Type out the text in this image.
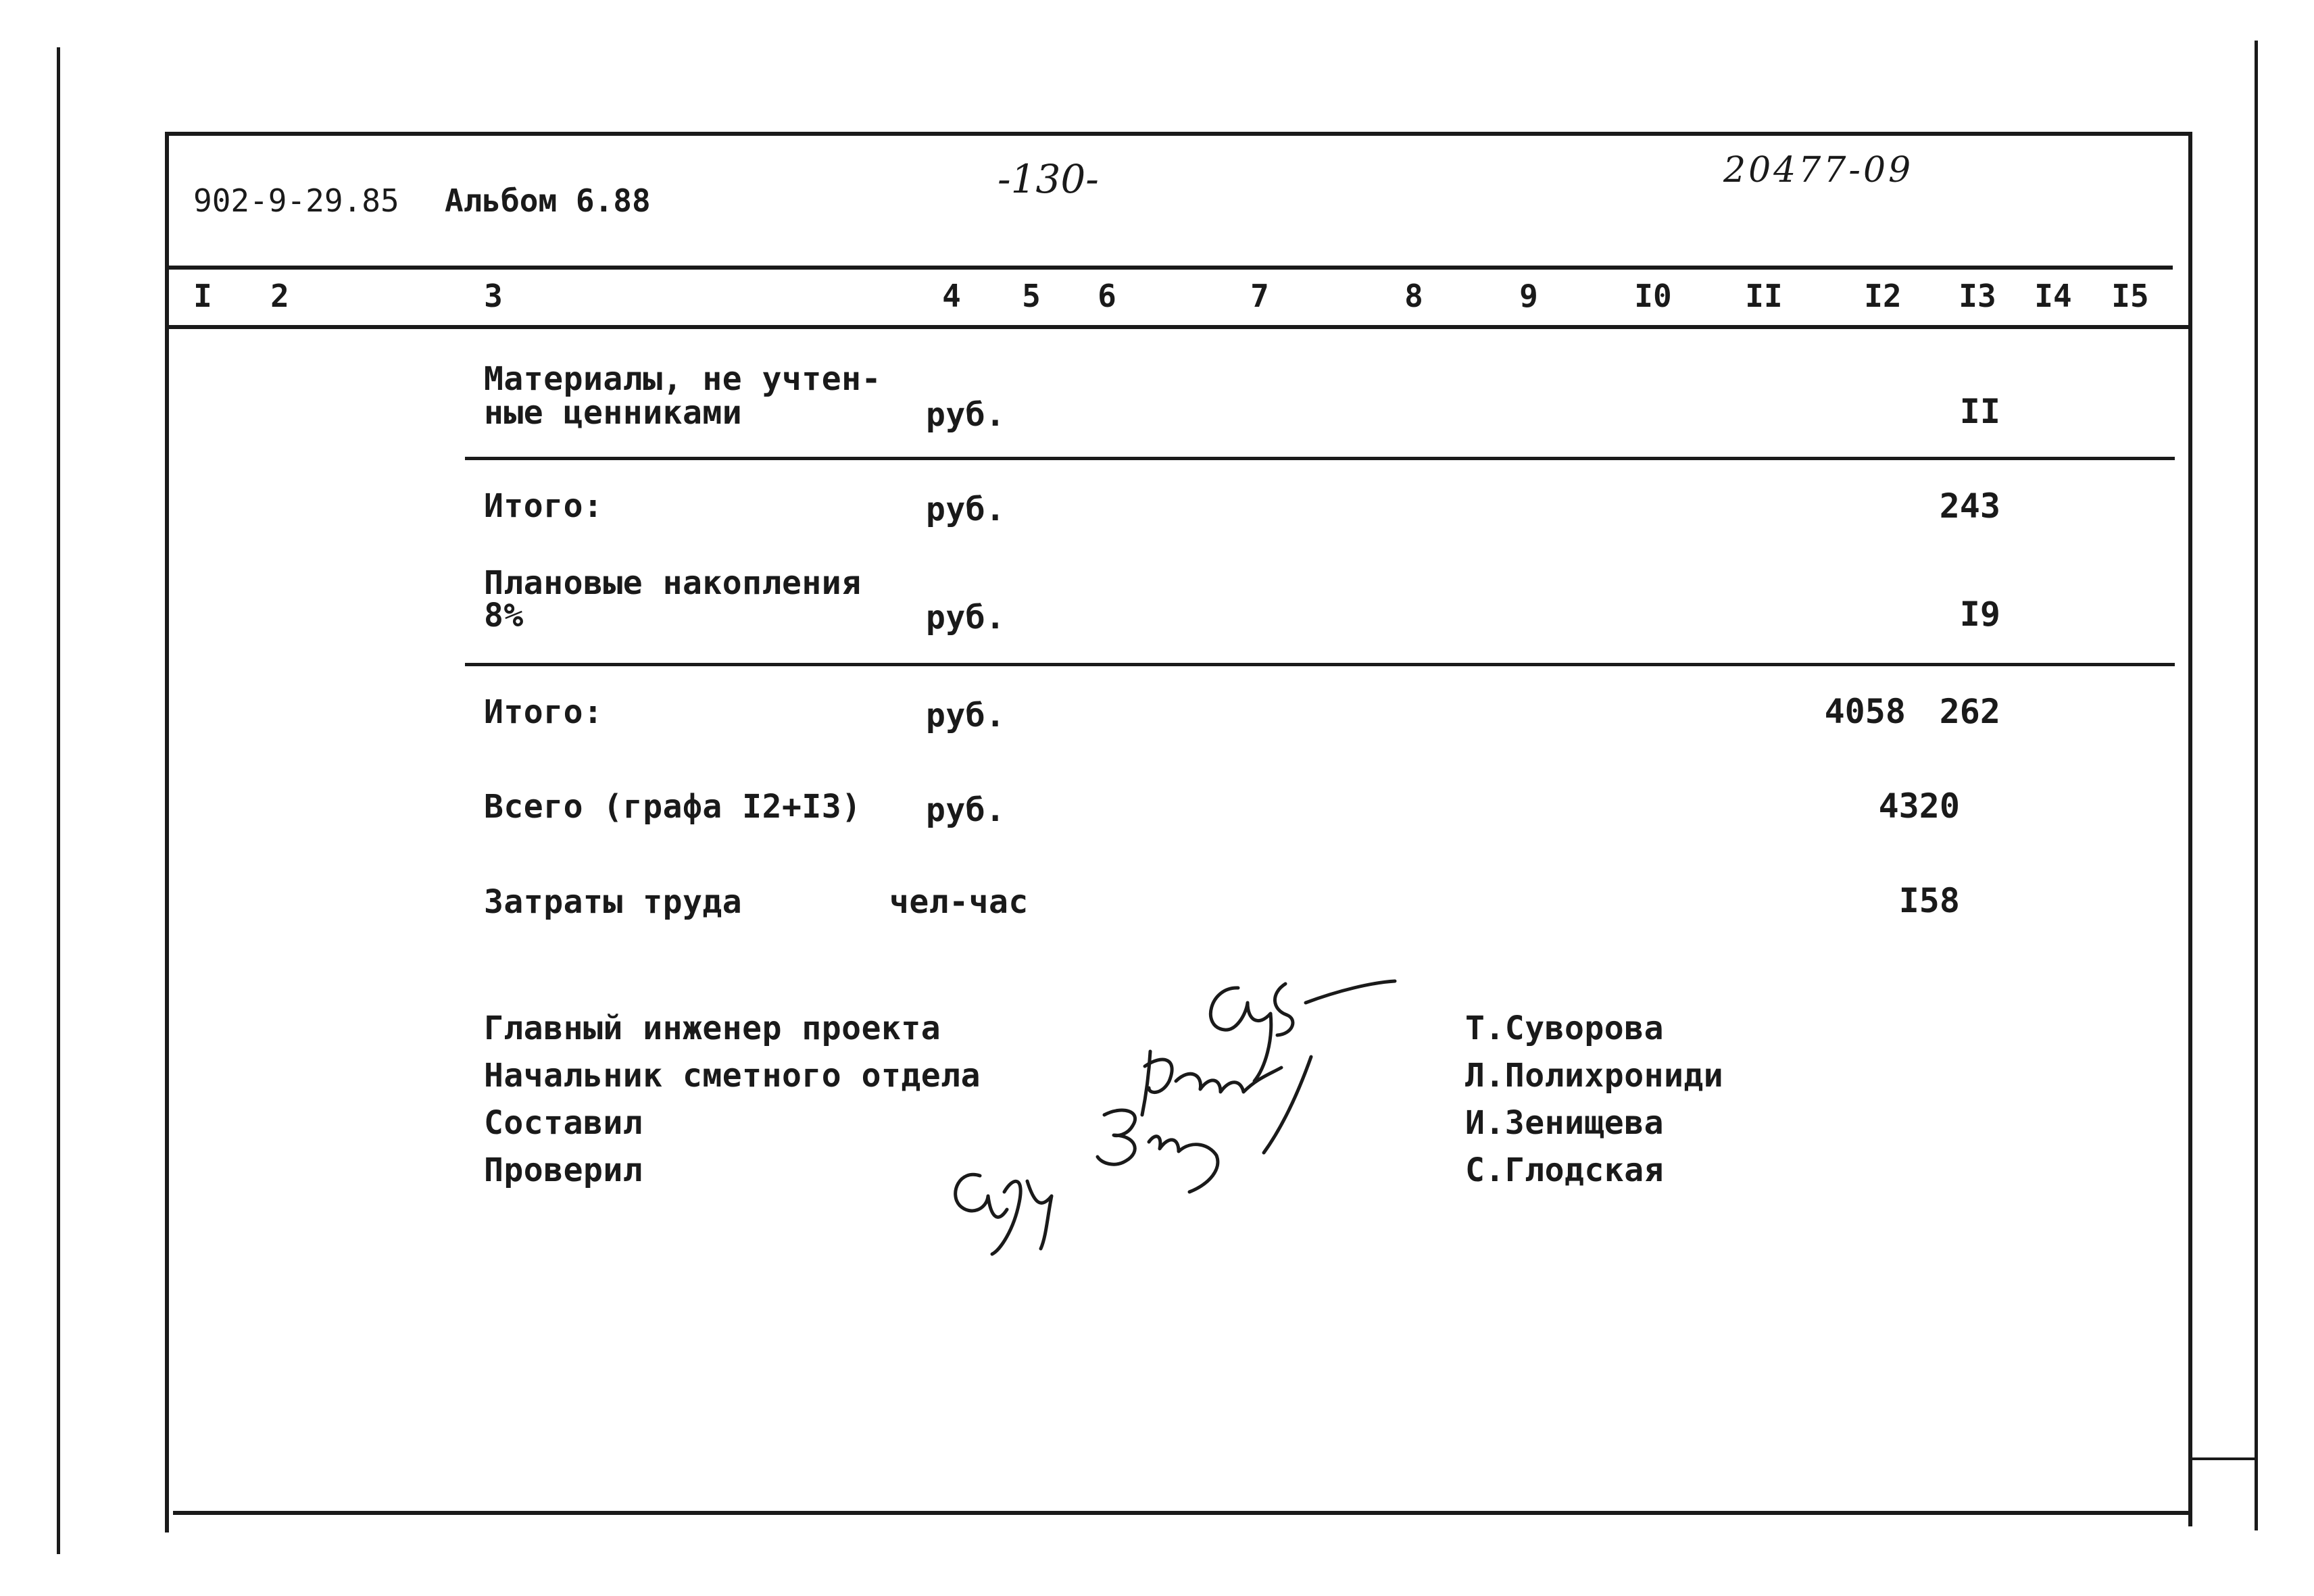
902-9-29.85 Альбом 6.88	-130-	20477-09
I	2	3	4	5	6	7	8	9	I0	II	I2	I3	I4	I5
Материалы, не учтен-
ные ценниками	руб.	II
Итого:	руб.	243
Плановые накопления
8%	руб.	I9
Итого:	руб.	4058 262
Всего (графа I2+I3) руб.	4320
Затраты труда	чел-час	I58
Главный инженер проекта
Начальник сметного отдела
Составил
Проверил
Т.Суворова
Л.Полихрониди
И.Зенищева
С.Глодская
